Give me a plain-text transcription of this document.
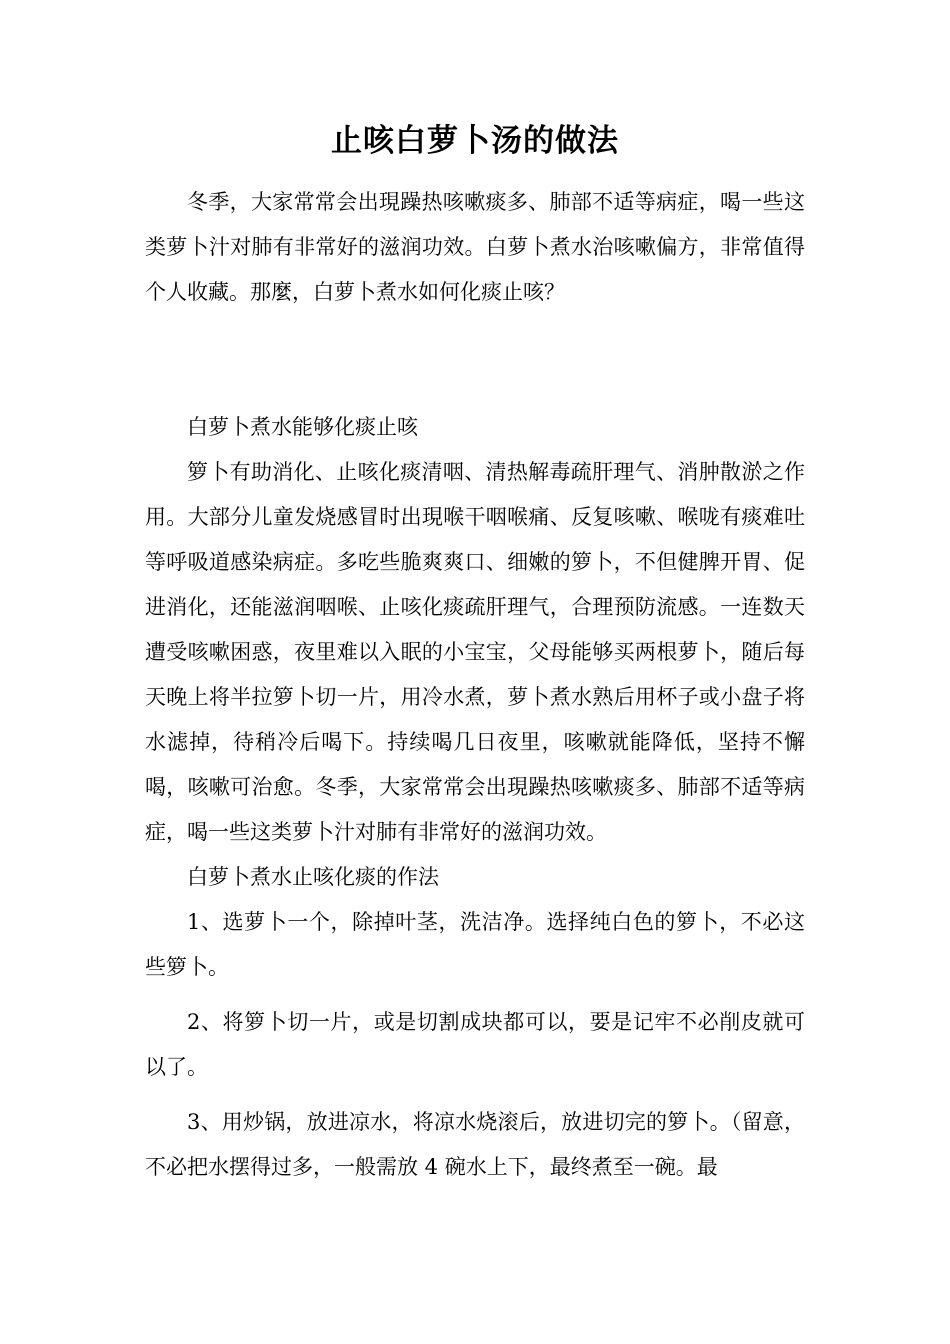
止咳白萝卜汤的做法

冬季，大家常常会出現躁热咳嗽痰多、肺部不适等病症，喝一些这类萝卜汁对肺有非常好的滋润功效。白萝卜煮水治咳嗽偏方，非常值得个人收藏。那麼，白萝卜煮水如何化痰止咳？

白萝卜煮水能够化痰止咳

箩卜有助消化、止咳化痰清咽、清热解毒疏肝理气、消肿散淤之作用。大部分儿童发烧感冒时出現喉干咽喉痛、反复咳嗽、喉咙有痰难吐等呼吸道感染病症。多吃些脆爽爽口、细嫩的箩卜，不但健脾开胃、促进消化，还能滋润咽喉、止咳化痰疏肝理气，合理预防流感。一连数天遭受咳嗽困惑，夜里难以入眠的小宝宝，父母能够买两根萝卜，随后每天晚上将半拉箩卜切一片，用冷水煮，萝卜煮水熟后用杯子或小盘子将水滤掉，待稍冷后喝下。持续喝几日夜里，咳嗽就能降低，坚持不懈喝，咳嗽可治愈。冬季，大家常常会出現躁热咳嗽痰多、肺部不适等病症，喝一些这类萝卜汁对肺有非常好的滋润功效。

白萝卜煮水止咳化痰的作法

1、选萝卜一个，除掉叶茎，洗洁净。选择纯白色的箩卜，不必这些箩卜。

2、将箩卜切一片，或是切割成块都可以，要是记牢不必削皮就可以了。

3、用炒锅，放进凉水，将凉水烧滚后，放进切完的箩卜。（留意，不必把水摆得过多，一般需放 4 碗水上下，最终煮至一碗。最
